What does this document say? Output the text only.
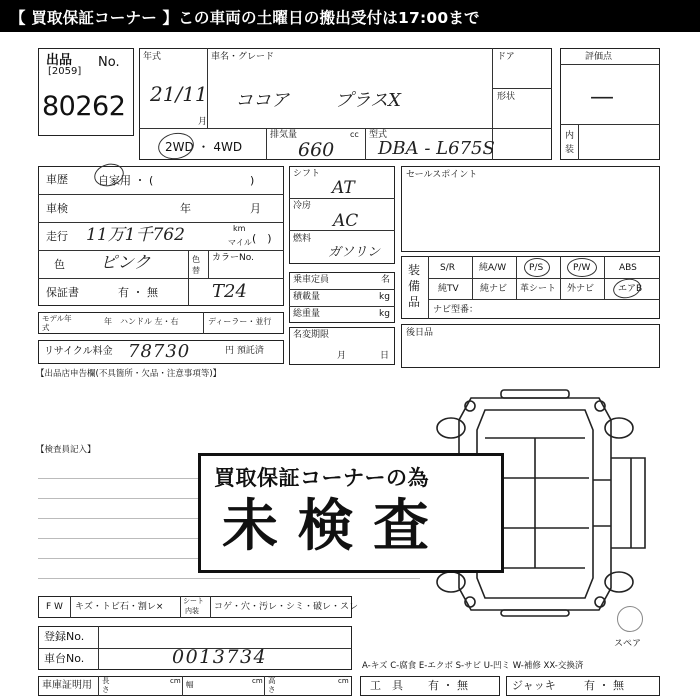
【 買取保証コーナー 】この車両の土曜日の搬出受付は17:00まで
出品 No.
[2059]
80262
年式
21/11
月
車名・グレード
ココア プラスX
ドア
形状
2WD ・ 4WD
排気量	cc
660
型式
DBA - L675S
評価点
—
内装
車歴	自家用 ・ (	)
車検	年	月
走行 11万1千762	km
マイル (　)
色 ピンク	色替
カラーNo.
保証書	有 ・ 無	T24
モデル年式
年 ハンドル 左・右	ディーラー・並行
リサイクル料金 78730	円 預託済
【出品店申告欄(不具箇所・欠品・注意事項等)】
シフト
AT
冷房
AC
燃料
ガソリン
乗車定員	名
積載量	kg
総重量	kg
名変期限
月	日
セールスポイント
装備品
S/R	純A/W	P/S	P/W	ABS
純TV 純ナビ 革シート 外ナビ	エアB
ナビ型番：
後日品
【検査員記入】
買取保証コーナーの為
未 検 査
F W キズ・トビ石・割レ×
シート
内装 コゲ・穴・汚レ・シミ・破レ・スレ
登録No.
車台No.	0013734
車庫証明用 長
さ
cm 幅	cm 高
さ
cm
スペア
A-キズ C-腐食 E-エクボ S-サビ U-凹ミ W-補修 XX-交換済
工　具 有 ・ 無	ジャッキ	有 ・ 無
